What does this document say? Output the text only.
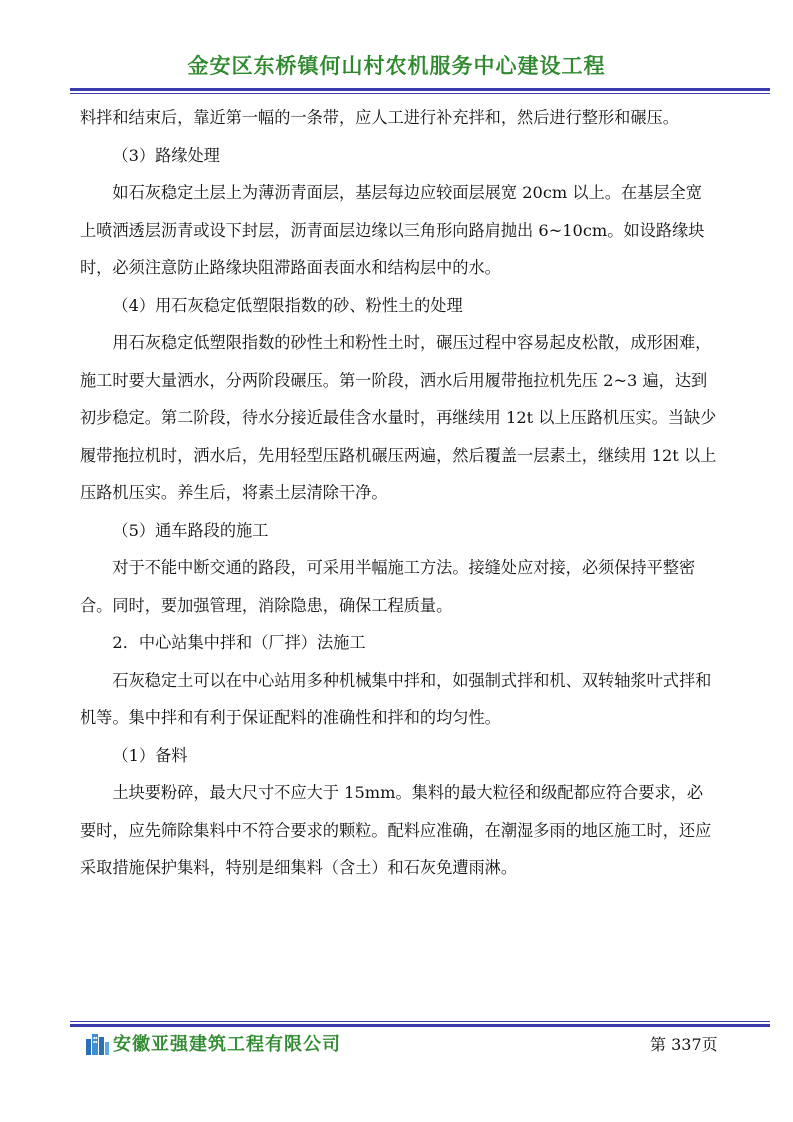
金安区东桥镇何山村农机服务中心建设工程

料拌和结束后，靠近第一幅的一条带，应人工进行补充拌和，然后进行整形和碾压。

（3）路缘处理

如石灰稳定土层上为薄沥青面层，基层每边应较面层展宽 20cm 以上。在基层全宽上喷洒透层沥青或设下封层，沥青面层边缘以三角形向路肩抛出 6~10cm。如设路缘块时，必须注意防止路缘块阻滞路面表面水和结构层中的水。

（4）用石灰稳定低塑限指数的砂、粉性土的处理

用石灰稳定低塑限指数的砂性土和粉性土时，碾压过程中容易起皮松散，成形困难，施工时要大量洒水，分两阶段碾压。第一阶段，洒水后用履带拖拉机先压 2~3 遍，达到初步稳定。第二阶段，待水分接近最佳含水量时，再继续用 12t 以上压路机压实。当缺少履带拖拉机时，洒水后，先用轻型压路机碾压两遍，然后覆盖一层素土，继续用 12t 以上压路机压实。养生后，将素土层清除干净。

（5）通车路段的施工

对于不能中断交通的路段，可采用半幅施工方法。接缝处应对接，必须保持平整密合。同时，要加强管理，消除隐患，确保工程质量。

2．中心站集中拌和（厂拌）法施工

石灰稳定土可以在中心站用多种机械集中拌和，如强制式拌和机、双转轴浆叶式拌和机等。集中拌和有利于保证配料的准确性和拌和的均匀性。

（1）备料

土块要粉碎，最大尺寸不应大于 15mm。集料的最大粒径和级配都应符合要求，必要时，应先筛除集料中不符合要求的颗粒。配料应准确，在潮湿多雨的地区施工时，还应采取措施保护集料，特别是细集料（含土）和石灰免遭雨淋。

安徽亚强建筑工程有限公司	第 337页
